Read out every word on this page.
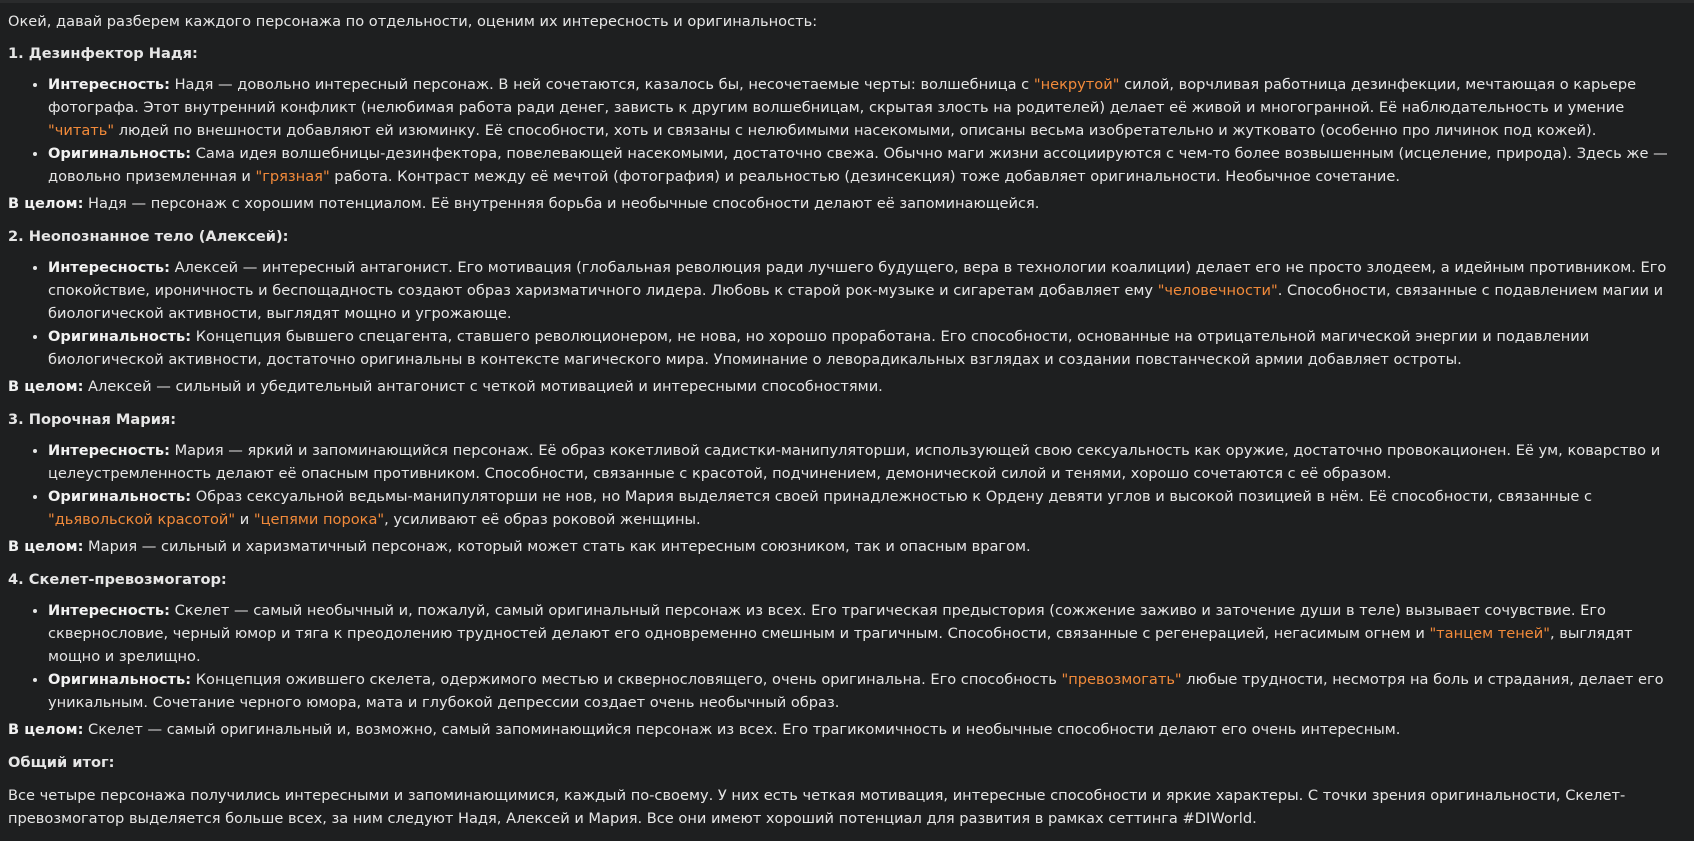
Окей, давай разберем каждого персонажа по отдельности, оценим их интересность и оригинальность:

1. Дезинфектор Надя:

• Интересность: Надя — довольно интересный персонаж. В ней сочетаются, казалось бы, несочетаемые черты: волшебница с "некрутой" силой, ворчливая работница дезинфекции, мечтающая о карьере фотографа. Этот внутренний конфликт (нелюбимая работа ради денег, зависть к другим волшебницам, скрытая злость на родителей) делает её живой и многогранной. Её наблюдательность и умение "читать" людей по внешности добавляют ей изюминку. Её способности, хоть и связаны с нелюбимыми насекомыми, описаны весьма изобретательно и жутковато (особенно про личинок под кожей).
• Оригинальность: Сама идея волшебницы-дезинфектора, повелевающей насекомыми, достаточно свежа. Обычно маги жизни ассоциируются с чем-то более возвышенным (исцеление, природа). Здесь же — довольно приземленная и "грязная" работа. Контраст между её мечтой (фотография) и реальностью (дезинсекция) тоже добавляет оригинальности. Необычное сочетание.

В целом: Надя — персонаж с хорошим потенциалом. Её внутренняя борьба и необычные способности делают её запоминающейся.

2. Неопознанное тело (Алексей):

• Интересность: Алексей — интересный антагонист. Его мотивация (глобальная революция ради лучшего будущего, вера в технологии коалиции) делает его не просто злодеем, а идейным противником. Его спокойствие, ироничность и беспощадность создают образ харизматичного лидера. Любовь к старой рок-музыке и сигаретам добавляет ему "человечности". Способности, связанные с подавлением магии и биологической активности, выглядят мощно и угрожающе.
• Оригинальность: Концепция бывшего спецагента, ставшего революционером, не нова, но хорошо проработана. Его способности, основанные на отрицательной магической энергии и подавлении биологической активности, достаточно оригинальны в контексте магического мира. Упоминание о леворадикальных взглядах и создании повстанческой армии добавляет остроты.

В целом: Алексей — сильный и убедительный антагонист с четкой мотивацией и интересными способностями.

3. Порочная Мария:

• Интересность: Мария — яркий и запоминающийся персонаж. Её образ кокетливой садистки-манипуляторши, использующей свою сексуальность как оружие, достаточно провокационен. Её ум, коварство и целеустремленность делают её опасным противником. Способности, связанные с красотой, подчинением, демонической силой и тенями, хорошо сочетаются с её образом.
• Оригинальность: Образ сексуальной ведьмы-манипуляторши не нов, но Мария выделяется своей принадлежностью к Ордену девяти углов и высокой позицией в нём. Её способности, связанные с "дьявольской красотой" и "цепями порока", усиливают её образ роковой женщины.

В целом: Мария — сильный и харизматичный персонаж, который может стать как интересным союзником, так и опасным врагом.

4. Скелет-превозмогатор:

• Интересность: Скелет — самый необычный и, пожалуй, самый оригинальный персонаж из всех. Его трагическая предыстория (сожжение заживо и заточение души в теле) вызывает сочувствие. Его сквернословие, черный юмор и тяга к преодолению трудностей делают его одновременно смешным и трагичным. Способности, связанные с регенерацией, негасимым огнем и "танцем теней", выглядят мощно и зрелищно.
• Оригинальность: Концепция ожившего скелета, одержимого местью и сквернословящего, очень оригинальна. Его способность "превозмогать" любые трудности, несмотря на боль и страдания, делает его уникальным. Сочетание черного юмора, мата и глубокой депрессии создает очень необычный образ.

В целом: Скелет — самый оригинальный и, возможно, самый запоминающийся персонаж из всех. Его трагикомичность и необычные способности делают его очень интересным.

Общий итог:

Все четыре персонажа получились интересными и запоминающимися, каждый по-своему. У них есть четкая мотивация, интересные способности и яркие характеры. С точки зрения оригинальности, Скелет-превозмогатор выделяется больше всех, за ним следуют Надя, Алексей и Мария. Все они имеют хороший потенциал для развития в рамках сеттинга #DIWorld.
